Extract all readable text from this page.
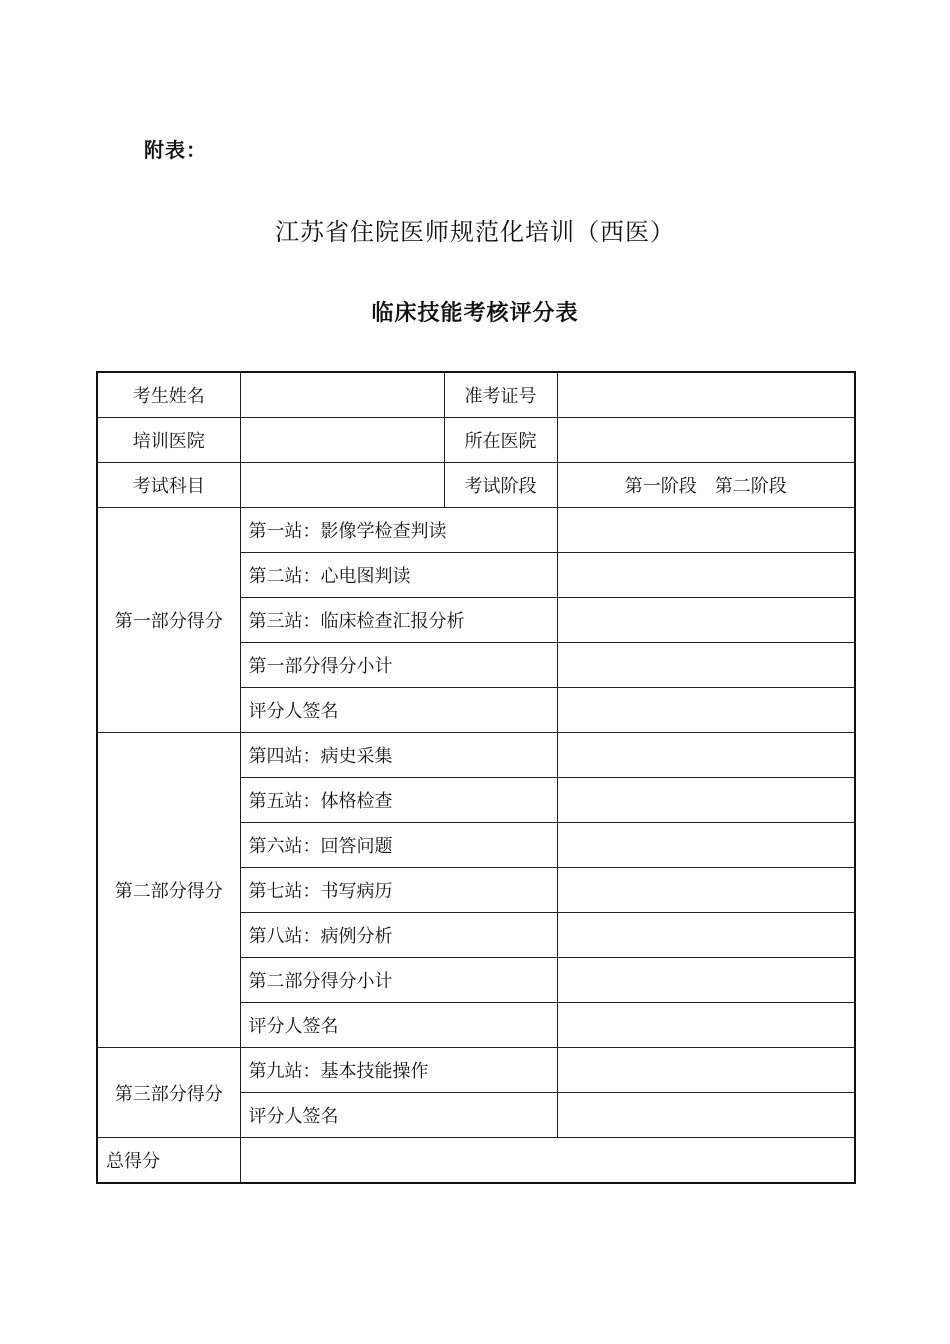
附表：
江苏省住院医师规范化培训（西医）
临床技能考核评分表
考生姓名		准考证号	
培训医院		所在医院	
考试科目		考试阶段	第一阶段　第二阶段
第一部分得分	第一站：影像学检查判读		
	第二站：心电图判读		
	第三站：临床检查汇报分析		
	第一部分得分小计		
	评分人签名		
第二部分得分	第四站：病史采集		
	第五站：体格检查		
	第六站：回答问题		
	第七站：书写病历		
	第八站：病例分析		
	第二部分得分小计		
	评分人签名		
第三部分得分	第九站：基本技能操作		
	评分人签名		
总得分			
